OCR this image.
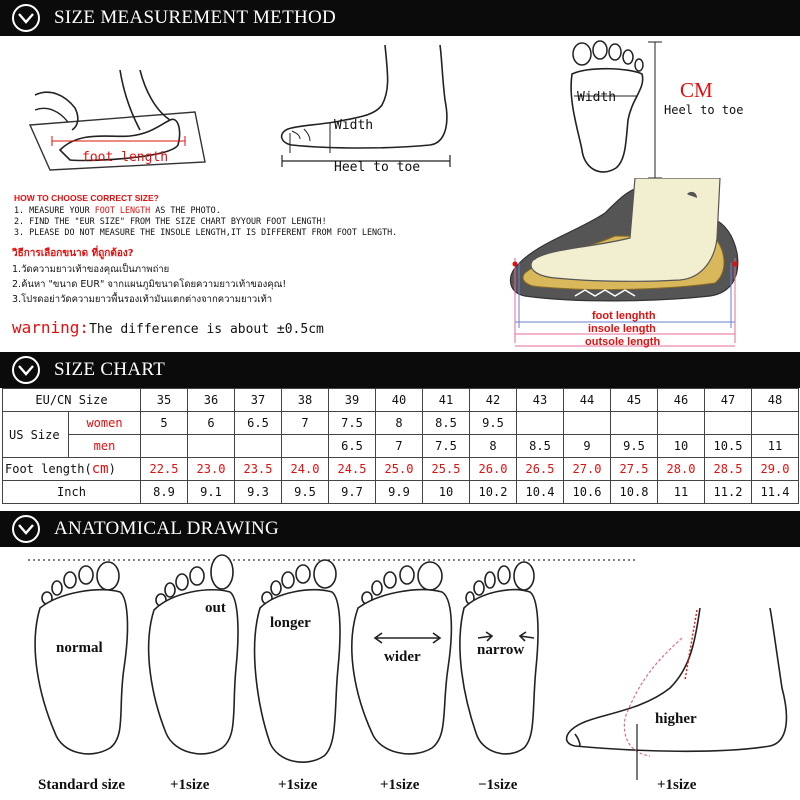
SIZE MEASUREMENT METHOD
foot length
Width
Heel to toe
Width	CM
Heel to toe
HOW TO CHOOSE CORRECT SIZE?
1. MEASURE YOUR FOOT LENGTH AS THE PHOTO.
2. FIND THE "EUR SIZE" FROM THE SIZE CHART BYYOUR FOOT LENGTH!
3. PLEASE DO NOT MEASURE THE INSOLE LENGTH,IT IS DIFFERENT FROM FOOT LENGTH.
วิธีการเลือกขนาด ที่ถูกต้อง?
1.วัดความยาวเท้าของคุณเป็นภาพถ่าย
2.ค้นหา "ขนาด EUR" จากแผนภูมิขนาดโดยความยาวเท้าของคุณ!
3.โปรดอย่าวัดความยาวพื้นรองเท้ามันแตกต่างจากความยาวเท้า
warning:The difference is about ±0.5cm
foot lenghth
insole length
outsole length
SIZE CHART
EU/CN Size		35	36	37	38	39	40	41	42	43	44	45	46	47	48
US Size	women	5	6	6.5	7	7.5	8	8.5	9.5						
	men					6.5	7	7.5	8	8.5	9	9.5	10	10.5	11
Foot length(cm)		22.5	23.0	23.5	24.0	24.5	25.0	25.5	26.0	26.5	27.0	27.5	28.0	28.5	29.0
Inch		8.9	9.1	9.3	9.5	9.7	9.9	10	10.2	10.4	10.6	10.8	11	11.2	11.4
ANATOMICAL DRAWING
normal
out
longer
wider	narrow
higher
Standard size	+1size	+1size	+1size	−1size	+1size
